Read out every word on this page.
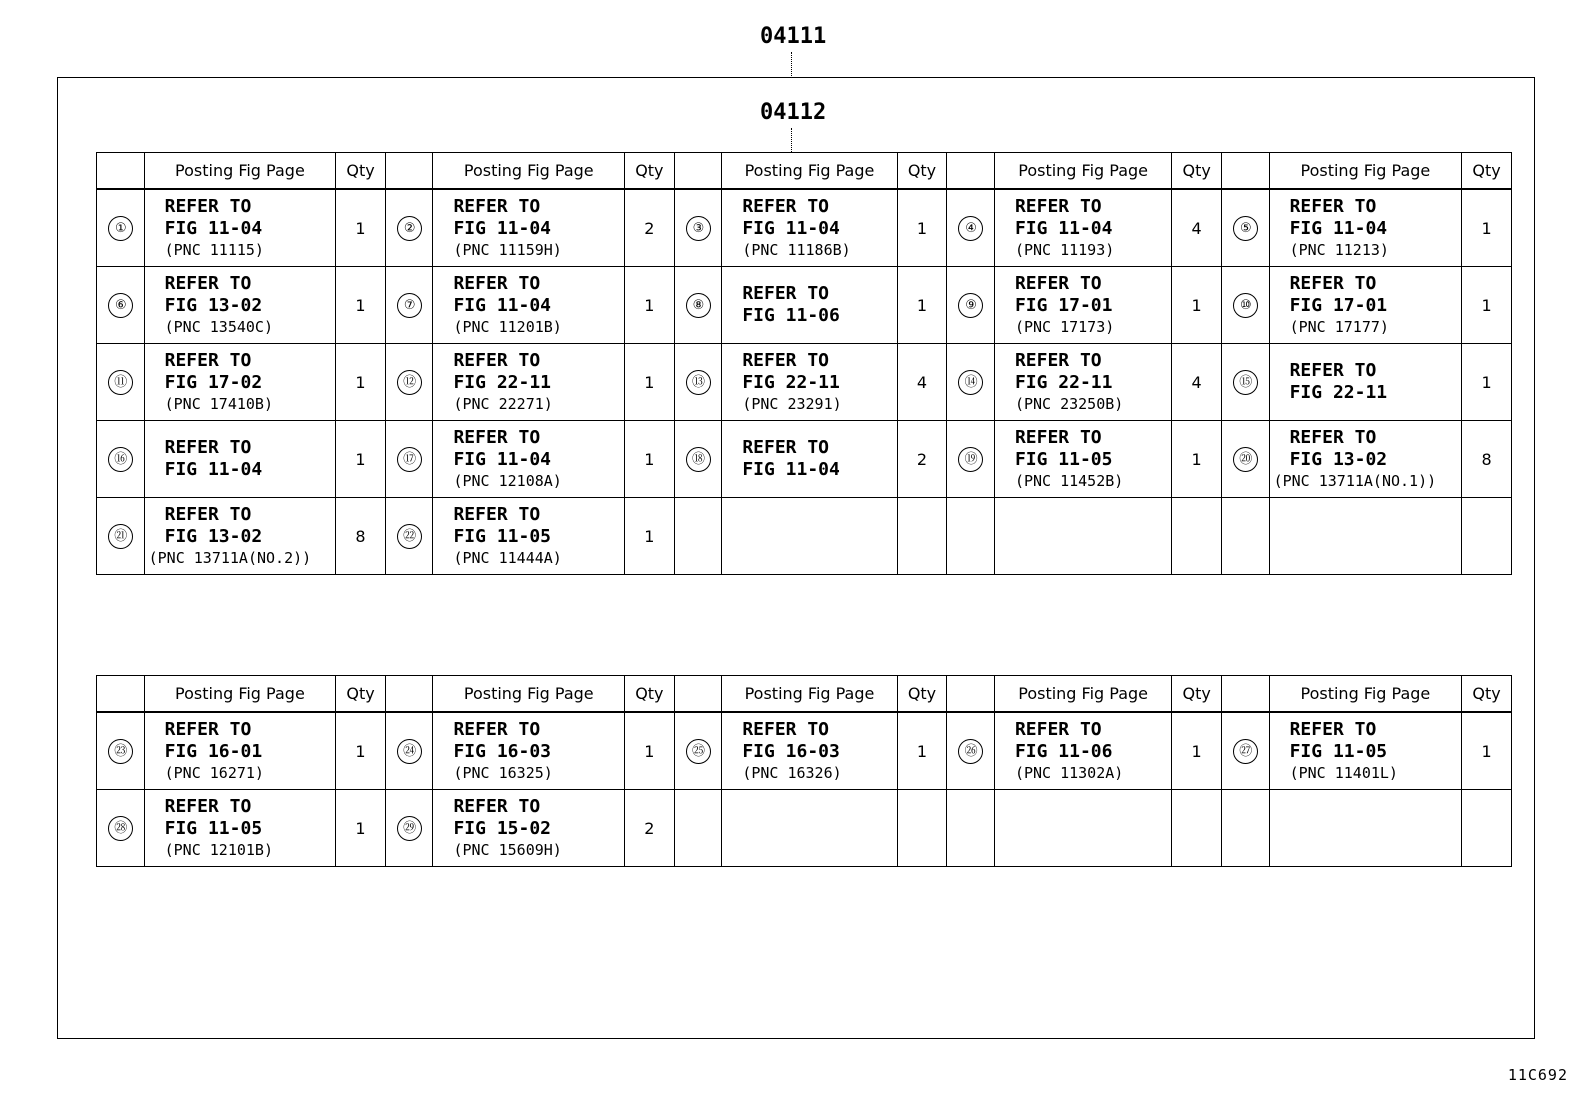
04111
04112
	Posting Fig Page	Qty		Posting Fig Page	Qty		Posting Fig Page	Qty		Posting Fig Page	Qty		Posting Fig Page	Qty
①	REFER TO
FIG 11-04
(PNC 11115)	1	②	REFER TO
FIG 11-04
(PNC 11159H)	2	③	REFER TO
FIG 11-04
(PNC 11186B)	1	④	REFER TO
FIG 11-04
(PNC 11193)	4	⑤	REFER TO
FIG 11-04
(PNC 11213)	1
⑥	REFER TO
FIG 13-02
(PNC 13540C)	1	⑦	REFER TO
FIG 11-04
(PNC 11201B)	1	⑧	REFER TO
FIG 11-06	1	⑨	REFER TO
FIG 17-01
(PNC 17173)	1	⑩	REFER TO
FIG 17-01
(PNC 17177)	1
⑪	REFER TO
FIG 17-02
(PNC 17410B)	1	⑫	REFER TO
FIG 22-11
(PNC 22271)	1	⑬	REFER TO
FIG 22-11
(PNC 23291)	4	⑭	REFER TO
FIG 22-11
(PNC 23250B)	4	⑮	REFER TO
FIG 22-11	1
⑯	REFER TO
FIG 11-04	1	⑰	REFER TO
FIG 11-04
(PNC 12108A)	1	⑱	REFER TO
FIG 11-04	2	⑲	REFER TO
FIG 11-05
(PNC 11452B)	1	⑳	REFER TO
FIG 13-02
(PNC 13711A(NO.1))	8
㉑	REFER TO
FIG 13-02
(PNC 13711A(NO.2))	8	㉒	REFER TO
FIG 11-05
(PNC 11444A)	1									
	Posting Fig Page	Qty		Posting Fig Page	Qty		Posting Fig Page	Qty		Posting Fig Page	Qty		Posting Fig Page	Qty
㉓	REFER TO
FIG 16-01
(PNC 16271)	1	㉔	REFER TO
FIG 16-03
(PNC 16325)	1	㉕	REFER TO
FIG 16-03
(PNC 16326)	1	㉖	REFER TO
FIG 11-06
(PNC 11302A)	1	㉗	REFER TO
FIG 11-05
(PNC 11401L)	1
㉘	REFER TO
FIG 11-05
(PNC 12101B)	1	㉙	REFER TO
FIG 15-02
(PNC 15609H)	2									
11C692
